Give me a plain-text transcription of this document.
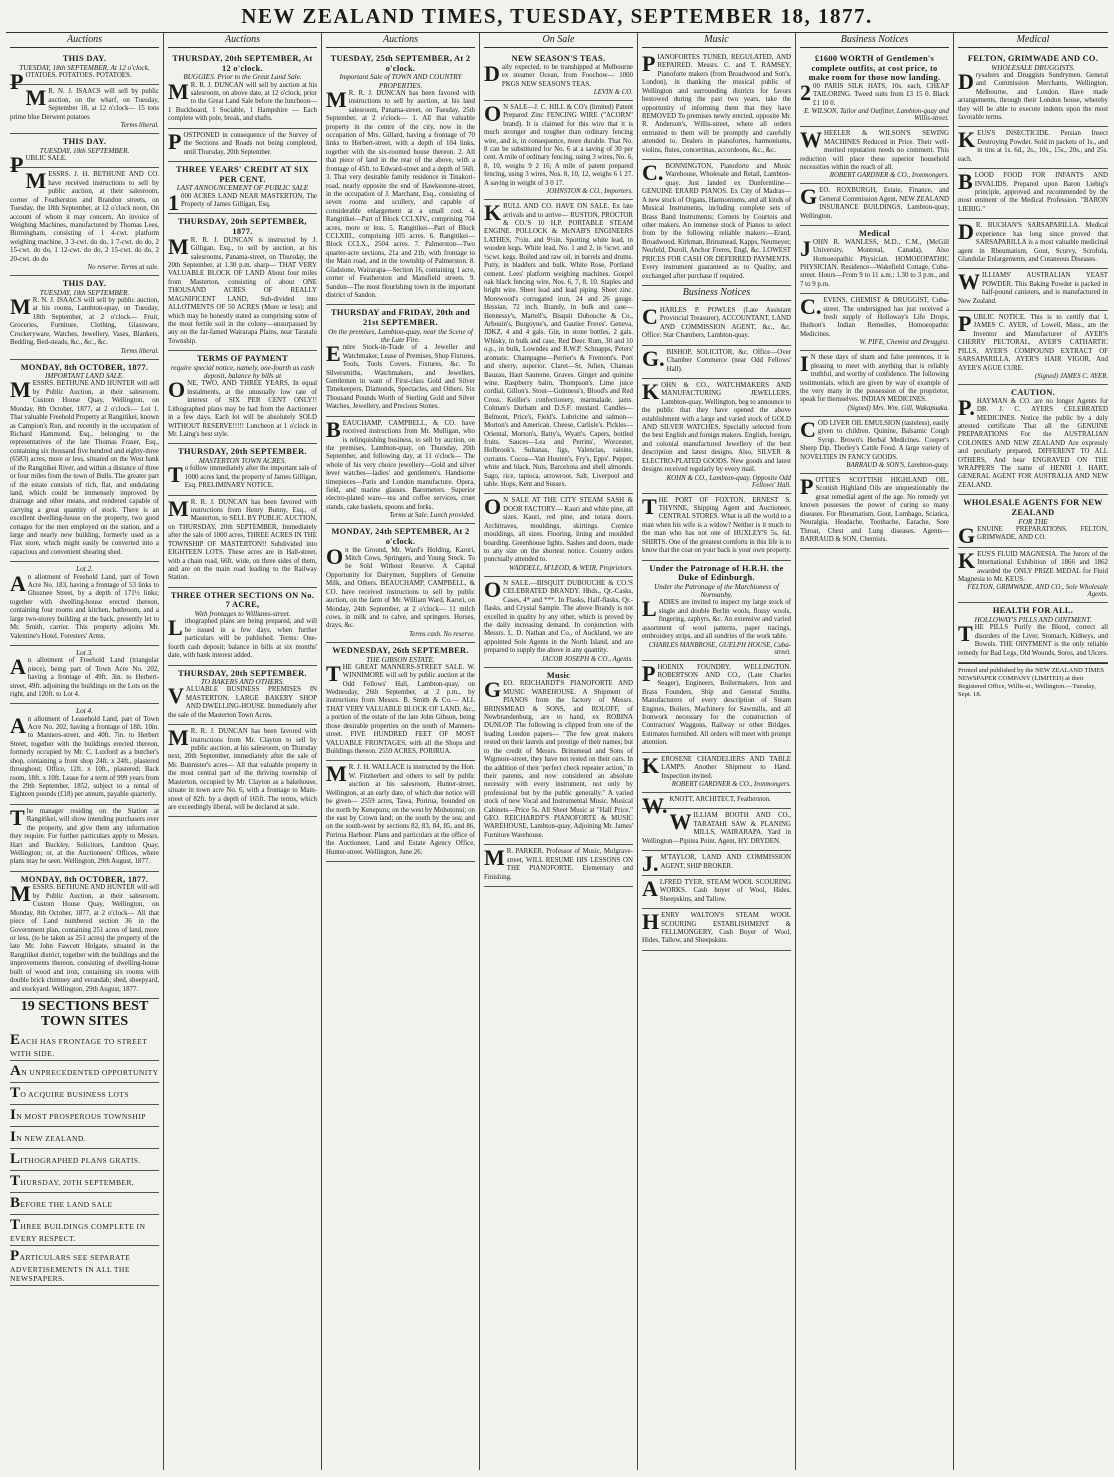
NEW ZEALAND TIMES, TUESDAY, SEPTEMBER 18, 1877.
Auctions
THIS DAY.
TUESDAY, 18th SEPTEMBER, At 12 o'clock.
POTATOES. POTATOES. POTATOES.
MR. N. J. ISAACS will sell by public auction, on the wharf, on Tuesday, September 18, at 12 o'clock— 15 tons prime blue Derwent potatoes
Terms liberal.
THIS DAY.
TUESDAY, 18th SEPTEMBER.
PUBLIC SALE.
MESSRS. J. H. BETHUNE AND CO. have received instructions to sell by public auction, at their salesroom, corner of Featherston and Brandon streets, on Tuesday, the 18th September, at 12 o'clock noon, On account of whom it may concern, An invoice of Weighing Machines, manufactured by Thomas Lees, Birmingham, consisting of 1 4-cwt. platform weighing machine, 3 3-cwt. do do, 1 7-cwt. do do, 2 15-cwt. do do, 1 12-cwt. do do, 2 15-cwt. do do, 2 20-cwt. do do
No reserve. Terms at sale.
THIS DAY.
TUESDAY, 18th SEPTEMBER.
MR. N. J. ISAACS will sell by public auction, at his rooms, Lambton-quay, on Tuesday, 18th September, at 2 o'clock— Fruit, Groceries, Furniture, Clothing, Glassware, Crockeryware, Watches, Jewellery, Vases, Blankets, Bedding, Bed-steads, &c., &c., &c.
Terms liberal.
MONDAY, 8th OCTOBER, 1877.
IMPORTANT LAND SALE.
MESSRS. BETHUNE AND HUNTER will sell by Public Auction, at their salesroom, Custom House Quay, Wellington, on Monday, 8th October, 1877, at 2 o'clock— Lot 1. That valuable Freehold Property at Rangitikei, known as Campion's Run, and recently in the occupation of Richard Hammond, Esq., belonging to the representatives of the late Thomas Fraser, Esq., containing six thousand five hundred and eighty-three (6583) acres, more or less, situated on the West bank of the Rangitikei River, and within a distance of three or four miles from the town of Bulls. The greater part of the estate consists of rich, flat, and undulating land, which could be immensely improved by drainage and other means, and rendered capable of carrying a great quantity of stock. There is an excellent dwelling-house on the property, two good cottages for the men employed on the station, and a large and nearly new building, formerly used as a Flax store, which might easily be converted into a capacious and convenient shearing shed.
Lot 2.
An allotment of Freehold Land, part of Town Acre No. 183, having a frontage of 53 links to Ghuznee Street, by a depth of 171½ links; together with dwelling-house erected thereon, containing four rooms and kitchen, bathroom, and a large two-storey building at the back, presently let to Mr. Smith, carrier. This property adjoins Mr. Valentine's Hotel, Foresters' Arms.
Lot 3.
An allotment of Freehold Land (triangular piece), being part of Town Acre No. 202, having a frontage of 49ft. 3in. to Herbert-street, 49ft. adjoining the buildings on the Lots on the right, and 120ft. to Lot 4.
Lot 4.
An allotment of Leasehold Land, part of Town Acre No. 202, having a frontage of 18ft. 10in. to Manners-street, and 40ft. 7in. to Herbert Street, together with the buildings erected thereon, formerly occupied by Mr. C. Luxford as a butcher's shop, containing a front shop 24ft. x 24ft., plastered throughout; Office, 12ft. x 10ft., plastered; Back room, 18ft. x 10ft. Lease for a term of 999 years from the 29th September, 1852, subject to a rental of Eighteen pounds (£18) per annum, payable quarterly.
The manager residing on the Station at Rangitikei, will show intending purchasers over the property, and give them any information they require. For further particulars apply to Messrs. Hart and Buckley, Solicitors, Lambton Quay, Wellington; or, at the Auctioneers' Offices, where plans may be seen. Wellington, 29th August, 1877.
MONDAY, 8th OCTOBER, 1877.
MESSRS. BETHUNE AND HUNTER will sell by Public Auction, at their salesroom, Custom House Quay, Wellington, on Monday, 8th October, 1877, at 2 o'clock— All that piece of Land numbered section 36 in the Government plan, containing 251 acres of land, more or less, (to be taken as 251 acres) the property of the late Mr. John Fawcett Holgate, situated in the Rangitikei district, together with the buildings and the improvements thereon, consisting of dwelling-house built of wood and iron, containing six rooms with double brick chimney and verandah; shed, sheepyard, and stockyard. Wellington, 29th August, 1877.
19 SECTIONS BEST TOWN SITES
EACH HAS FRONTAGE TO STREET WITH SIDE.
AN UNPRECEDENTED OPPORTUNITY
TO ACQUIRE BUSINESS LOTS
IN MOST PROSPEROUS TOWNSHIP
IN NEW ZEALAND.
LITHOGRAPHED PLANS GRATIS.
THURSDAY, 20TH SEPTEMBER,
BEFORE THE LAND SALE
THREE BUILDINGS COMPLETE IN EVERY RESPECT.
PARTICULARS SEE SEPARATE ADVERTISEMENTS IN ALL THE NEWSPAPERS.
Auctions
THURSDAY, 20th SEPTEMBER, At 12 o'clock.
BUGGIES. Prior to the Great Land Sale.
MR. R. J. DUNCAN will sell by auction at his salesroom, on above date, at 12 o'clock, prior to the Great Land Sale before the luncheon— 1 Buckboard, 1 Sociable, 1 Hampshire — Each complete with pole, break, and shafts.
POSTPONED in consequence of the Survey of the Sections and Roads not being completed, until Thursday, 20th September.
THREE YEARS' CREDIT AT SIX PER CENT.
LAST ANNOUNCEMENT OF PUBLIC SALE
1000 ACRES LAND NEAR MASTERTON, The Property of James Gilligan, Esq.
THURSDAY, 20th SEPTEMBER, 1877.
MR. R. J. DUNCAN is instructed by J. Gilligan, Esq., to sell by auction, at his salesrooms, Panama-street, on Thursday, the 20th September, at 1.30 p.m. sharp— THAT VERY VALUABLE BLOCK OF LAND About four miles from Masterton, consisting of about ONE THOUSAND ACRES OF REALLY MAGNIFICENT LAND, Sub-divided into ALLOTMENTS OF 50 ACRES (More or less); and which may be honestly stated as comprising some of the most fertile soil in the colony—unsurpassed by any on the far-famed Wairarapa Plains, near Taratahi Township.
TERMS OF PAYMENT
require special notice, namely, one-fourth as cash deposit, balance by bills at
ONE, TWO, AND THREE YEARS, In equal instalments, at the unusually low rate of interest of SIX PER CENT ONLY!! Lithographed plans may be had from the Auctioneer in a few days. Each lot will be absolutely SOLD WITHOUT RESERVE!!!!! Luncheon at 1 o'clock in Mr. Laing's best style.
THURSDAY, 20th SEPTEMBER.
MASTERTON TOWN ACRES.
To follow immediately after the important sale of 1000 acres land, the property of James Gilligan, Esq. PRELIMINARY NOTICE.
MR. R. J. DUNCAN has been favored with instructions from Henry Bunny, Esq., of Masterton, to SELL BY PUBLIC AUCTION, on THURSDAY, 20th SEPTEMBER, Immediately after the sale of 1000 acres, THREE ACRES IN THE TOWNSHIP OF MASTERTON!! Subdivided into EIGHTEEN LOTS. These acres are in Hall-street, with a chain road, 66ft. wide, on three sides of them, and are on the main road leading to the Railway Station.
THREE OTHER SECTIONS ON No. 7 ACRE,
With frontages to Williams-street.
Lithographed plans are being prepared, and will be issued in a few days, when further particulars will be published. Terms: One-fourth cash deposit; balance in bills at six months' date, with bank interest added.
THURSDAY, 20th SEPTEMBER.
TO BAKERS AND OTHERS.
VALUABLE BUSINESS PREMISES IN MASTERTON. LARGE BAKERY SHOP AND DWELLING-HOUSE. Immediately after the sale of the Masterton Town Acres.
MR. R. J. DUNCAN has been favored with instructions from Mr. Clayton to sell by public auction, at his salesroom, on Thursday next, 20th September, immediately after the sale of Mr. Bunnister's acres— All that valuable property in the most central part of the thriving township of Masterton, occupied by Mr. Clayton as a bakehouse, situate in town acre No. 6, with a frontage to Main-street of 82ft. by a depth of 165ft. The terms, which are exceedingly liberal, will be declared at sale.
Auctions
TUESDAY, 25th SEPTEMBER, At 2 o'clock.
Important Sale of TOWN AND COUNTRY PROPERTIES.
MR. R. J. DUNCAN has been favored with instructions to sell by auction, at his land salesroom, Panama-street, on Tuesday, 25th September, at 2 o'clock— 1. All that valuable property in the centre of the city, now in the occupation of Mrs. Gillard, having a frontage of 70 links to Herbert-street, with a depth of 104 links, together with the six-roomed house thereon. 2. All that piece of land in the rear of the above, with a frontage of 45ft. to Edward-street and a depth of 56ft. 3. That very desirable family residence in Tinakori-road, nearly opposite the end of Hawkestone-street, in the occupation of J. Marchant, Esq., consisting of seven rooms and scullery, and capable of considerable enlargement at a small cost. 4. Rangitikei—Part of Block CCLXIV., comprising 704 acres, more or less. 5. Rangitikei—Part of Block CCLXIII., comprising 105 acres. 6. Rangitikei—Block CCLX., 2504 acres. 7. Palmerston—Two quarter-acre sections, 21a and 21b, with frontage to the Main road, and in the township of Palmerston. 8. Gladstone, Wairarapa—Section 16, containing 1 acre, corner of Featherston and Mansfield streets. 9. Sandon—The most flourishing town in the important district of Sandon.
THURSDAY and FRIDAY, 20th and 21st SEPTEMBER.
On the premises, Lambton-quay, near the Scene of the Late Fire.
Entire Stock-in-Trade of a Jeweller and Watchmaker, Lease of Premises, Shop Fixtures, Tools, Tools Covers, Fixtures, &c. To Silversmiths, Watchmakers, and Jewellers, Gentlemen in want of First-class Gold and Silver Timekeepers, Diamonds, Spectacles, and Others. Six Thousand Pounds Worth of Sterling Gold and Silver Watches, Jewellery, and Precious Stones.
BEAUCHAMP, CAMPBELL, & CO. have received instructions from Mr. Mulligan, who is relinquishing business, to sell by auction, on the premises, Lambton-quay, on Thursday, 20th September, and following day, at 11 o'clock— The whole of his very choice jewellery—Gold and silver lever watches—ladies' and gentlemen's. Handsome timepieces—Paris and London manufacture. Opera, field, and marine glasses. Barometers. Superior electro-plated ware—tea and coffee services, cruet stands, cake baskets, spoons and forks.
Terms at Sale. Lunch provided.
MONDAY, 24th SEPTEMBER, At 2 o'clock.
On the Ground, Mr. Ward's Holding, Karori, Mitch Cows, Springers, and Young Stock. To be Sold Without Reserve. A Capital Opportunity for Dairymen, Suppliers of Genuine Milk, and Others. BEAUCHAMP, CAMPBELL, & CO. have received instructions to sell by public auction, on the farm of Mr. William Ward, Karori, on Monday, 24th September, at 2 o'clock— 11 milch cows, in milk and to calve, and springers. Horses, drays, &c.
Terms cash. No reserve.
WEDNESDAY, 26th SEPTEMBER.
THE GIBSON ESTATE.
THE GREAT MANNERS-STREET SALE. W. WINNIMORE will sell by public auction at the Odd Fellows' Hall, Lambton-quay, on Wednesday, 26th September, at 2 p.m., by instructions from Messrs. B. Smith & Co.— ALL THAT VERY VALUABLE BLOCK OF LAND, &c., a portion of the estate of the late John Gibson, being those desirable properties on the south of Manners-street. FIVE HUNDRED FEET OF MOST VALUABLE FRONTAGES, with all the Shops and Buildings thereon. 2559 ACRES, PORIRUA.
MR. J. H. WALLACE is instructed by the Hon. W. Fitzherbert and others to sell by public auction at his salesroom, Hunter-street, Wellington, at an early date, of which due notice will be given— 2559 acres, Tawa, Porirua, bounded on the north by Kenepuru; on the west by Mohotonui; on the east by Crown land; on the south by the sea; and on the south-west by sections 82, 83, 84, 85, and 86, Porirua Harbour. Plans and particulars at the office of the Auctioneer, Land and Estate Agency Office, Hunter-street. Wellington, June 26.
On Sale
NEW SEASON'S TEAS.
Daily expected, to be transhipped at Melbourne ex steamer Ocean, from Foochow— 1000 PKGS NEW SEASON'S TEAS.
LEVIN & CO.
ON SALE—J. C. HILL & CO's (limited) Patent Prepared Zinc FENCING WIRE ("ACORN" brand). It is claimed for this wire that it is much stronger and tougher than ordinary fencing wire, and is, in consequence, more durable. That No. 8 can be substituted for No. 6 at a saving of 30 per cent. A mile of ordinary fencing, using 3 wires, No. 6, 8, 10, weighs 9 2 16; A mile of patent prepared fencing, using 3 wires, Nos. 8, 10, 12, weighs 6 1 27. A saving in weight of 3 0 17.
JOHNSTON & CO., Importers.
KRULL AND CO. HAVE ON SALE. Ex late arrivals and to arrive— RUSTON, PROCTOR & CO.'S 10 H.P. PORTABLE STEAM ENGINE. POLLOCK & McNAB'S ENGINEERS LATHES, 7½in. and 9½in. Sporting white lead, in wooden kegs. White lead, No. 1 and 2, in ¼cwt. and ½cwt. kegs. Boiled and raw oil, in barrels and drums. Putty, in bladders and bulk. White Rose, Portland cement. Lees' platform weighing machines. Gospel oak black fencing wire, Nos. 6, 7, 8, 10. Staples and bright wire. Sheet lead and lead piping. Sheet zinc. Morewood's corrugated iron, 24 and 26 gauge. Hessian, 72 inch. Brandy, in bulk and case—Hennessy's, Martell's, Bisquit Dubouche & Co., Arbouin's, Burgoyne's, and Gautier Freres'. Geneva, JDKZ, 4 and 4 gals. Gin, in stone bottles, 2 gals. Whisky, in bulk and case, Red Deer. Rum, 30 and 10 o.p., in bulk, Lowndes and R.W.P. Schnapps, Peters' aromatic. Champagne—Perrier's & Fremont's. Port and sherry, superior. Claret—St. Julien, Chateau Bauzau, Haut Sauterne, Graves. Ginger and quinine wine. Raspberry balm, Thompson's. Lime juice cordial, Gillon's. Stout—Guinness's, Blood's and Red Cross. Keiller's confectionery, marmalade, jams. Colman's Durham and D.S.F. mustard. Candles—Belmont, Price's, Field's. Lubricine and salmon—Morton's and American. Cheese, Carlisle's. Pickles—Oriental, Morton's, Batty's, Wyatt's. Capers, bottled fruits. Sauces—Lea and Perrins', Worcester, Holbrook's. Sultanas, figs, Valencias, raisins, currants. Cocoa—Van Houten's, Fry's, Epps'. Pepper, white and black. Nuts, Barcelona and shell almonds. Sago, rice, tapioca, arrowroot. Salt, Liverpool and table. Hops, Kent and Sussex.
ON SALE AT THE CITY STEAM SASH & DOOR FACTORY— Kauri and white pine, all sizes. Kauri, red pine, and totara doors. Architraves, mouldings, skirtings. Cornice mouldings, all sizes. Flooring, lining and moulded boarding. Greenhouse lights. Sashes and doors, made to any size on the shortest notice. Country orders punctually attended to.
WADDELL, M'LEOD, & WEIR, Proprietors.
ON SALE.—BISQUIT DUBOUCHE & CO.'S CELEBRATED BRANDY. Hhds., Qr.-Casks, Cases, 4* and ***. In Flasks, Half-flasks, Qr.-flasks, and Crystal Sample. The above Brandy is not excelled in quality by any other, which is proved by the daily increasing demand. In conjunction with Messrs. L. D. Nathan and Co., of Auckland, we are appointed Sole Agents in the North Island, and are prepared to supply the above in any quantity.
JACOB JOSEPH & CO., Agents.
Music
GEO. REICHARDT'S PIANOFORTE AND MUSIC WAREHOUSE. A Shipment of PIANOS from the factory of Messrs. BRINSMEAD & SONS, and ROLOFF, of Newbrandenburg, are to hand, ex ROBINA DUNLOP. The following is clipped from one of the leading London papers— "The few great makers rested on their laurels and prestige of their names; but to the credit of Messrs. Brinsmead and Sons of Wigmore-street, they have not rested on their oars. In the addition of their 'perfect check repeater action,' in their patents, and now considered an absolute necessity with every instrument, not only by professional but by the public generally." A varied stock of new Vocal and Instrumental Music. Musical Cabinets—Price 5s. All Sheet Music at "Half Price." GEO. REICHARDT'S PIANOFORTE & MUSIC WAREHOUSE, Lambton-quay, Adjoining Mr. James' Furniture Warehouse.
MR. PARKER, Professor of Music, Mulgrave-street, WILL RESUME HIS LESSONS ON THE PIANOFORTE. Elementary and Finishing.
Music
PIANOFORTES TUNED, REGULATED, AND REPAIRED. Messrs. C. and T. RAMSEY, Pianoforte makers (from Broadwood and Son's, London), in thanking the musical public of Wellington and surrounding districts for favors bestowed during the past two years, take the opportunity of informing them that they have REMOVED To premises newly erected, opposite Mr. R. Anderson's, Willis-street, where all orders entrusted to them will be promptly and carefully attended to. Dealers in pianofortes, harmoniums, violins, flutes, concertinas, accordeons, &c., &c.
C.BONNINGTON, Pianoforte and Music Warehouse, Wholesale and Retail, Lambton-quay. Just landed ex Dunfermline— GENUINE ERARD PIANOS. Ex City of Madras— A new stock of Organs, Harmoniums, and all kinds of Musical Instruments, including complete sets of Brass Band Instruments; Cornets by Courtois and other makers. An immense stock of Pianos to select from by the following reliable makers:—Erard, Broadwood, Kirkman, Brinsmead, Kapps, Neumeyer, Neufeld, Duroll, Anchor Freres, Engl, &c. LOWEST PRICES FOR CASH OR DEFERRED PAYMENTS. Every instrument guaranteed as to Quality, and exchanged after purchase if required.
Business Notices
CHARLES P. POWLES (Late Assistant Provincial Treasurer), ACCOUNTANT, LAND AND COMMISSION AGENT, &c., &c. Office: Star Chambers, Lambton-quay.
G.BISHOP, SOLICITOR, &c. Office—Over Chamber Commerce (near Odd Fellows' Hall).
KOHN & CO., WATCHMAKERS AND MANUFACTURING JEWELLERS, Lambton-quay, Wellington, beg to announce to the public that they have opened the above establishment with a large and varied stock of GOLD AND SILVER WATCHES, Specially selected from the best English and foreign makers. English, foreign, and colonial manufactured Jewellery of the best description and latest designs. Also, SILVER & ELECTRO-PLATED GOODS. New goods and latest designs received regularly by every mail.
KOHN & CO., Lambton-quay, Opposite Odd Fellows' Hall.
THE PORT OF FOXTON. ERNEST S. THYNNE, Shipping Agent and Auctioneer, CENTRAL STORES. What is all the world to a man when his wife is a widow? Neither is it much to the man who has not one of HUXLEY'S 5s. 6d. SHIRTS. One of the greatest comforts in this life is to know that the coat on your back is your own property.
Under the Patronage of H.R.H. the Duke of Edinburgh.
Under the Patronage of the Marchioness of Normanby.
LADIES are invited to inspect my large stock of single and double Berlin wools, flossy wools, fingering, zaphyrs, &c. An extensive and varied assortment of wool patterns, paper tracings, embroidery strips, and all sundries of the work table.
CHARLES MANBROSE, GUELPH HOUSE, Cuba-street.
PHOENIX FOUNDRY, WELLINGTON. ROBERTSON AND CO., (Late Charles Seager), Engineers, Boilermakers, Iron and Brass Founders, Ship and General Smiths. Manufacturers of every description of Steam Engines, Boilers, Machinery for Sawmills, and all Ironwork necessary for the construction of Contractors' Waggons, Railway or other Bridges. Estimates furnished. All orders will meet with prompt attention.
KEROSENE CHANDELIERS AND TABLE LAMPS. Another Shipment to Hand. Inspection invited.
ROBERT GARDNER & CO., Ironmongers.
W.KNOTT, ARCHITECT, Featherston.
WILLIAM BOOTH AND CO., TARATAHI SAW & PLANING MILLS, WAIRARAPA. Yard in Wellington—Pipitea Point. Agent, HY. DRYDEN.
J.M'TAYLOR, LAND AND COMMISSION AGENT, SHIP BROKER.
ALFRED TYER, STEAM WOOL SCOURING WORKS. Cash buyer of Wool, Hides, Sheepskins, and Tallow.
HENRY WALTON'S STEAM WOOL SCOURING ESTABLISHMENT & FELLMONGERY, Cash Buyer of Wool, Hides, Tallow, and Sheepskins.
Business Notices
£1600 WORTH of Gentlemen's complete outfits, at cost price, to make room for those now landing.
200 PARIS SILK HATS, 10s. each, CHEAP TAILORING. Tweed suits from £3 15 0. Black £1 10 0.
E. WILSON, Tailor and Outfitter, Lambton-quay and Willis-street.
WHEELER & WILSON'S SEWING MACHINES Reduced in Price. Their well-merited reputation needs no comment. This reduction will place these superior household necessities within the reach of all.
ROBERT GARDNER & CO., Ironmongers.
GEO. ROXBURGH, Estate, Finance, and General Commission Agent, NEW ZEALAND INSURANCE BUILDINGS, Lambton-quay, Wellington.
Medical
JOHN R. WANLESS, M.D., C.M., (McGill University, Montreal, Canada), Also Homoeopathic Physician. HOMOEOPATHIC PHYSICIAN. Residence—Wakefield Cottage, Cuba-street. Hours—From 9 to 11 a.m.; 1.30 to 3 p.m., and 7 to 9 p.m.
C.EVENS, CHEMIST & DRUGGIST, Cuba-street. The undersigned has just received a fresh supply of Holloway's Life Drops, Hudson's Indian Remedies, Homoeopathic Medicines.
W. PIFE, Chemist and Druggist.
IN these days of sham and false pretences, it is pleasing to meet with anything that is reliably truthful, and worthy of confidence. The following testimonials, which are given by way of example of the very many in the possession of the proprietor, speak for themselves. INDIAN MEDICINES.
(Signed) Mrs. Wm. Gill, Wakapuaka.
COD LIVER OIL EMULSION (tasteless), easily given to children. Quinine, Balsamic Cough Syrup. Brown's Herbal Medicines. Cooper's Sheep Dip. Thorley's Cattle Food. A large variety of NOVELTIES IN FANCY GOODS.
BARRAUD & SON'S, Lambton-quay.
POTTIE'S SCOTTISH HIGHLAND OIL. Scottish Highland Oils are unquestionably the great remedial agent of the age. No remedy yet known possesses the power of curing so many diseases. For Rheumatism, Gout, Lumbago, Sciatica, Neuralgia, Headache, Toothache, Earache, Sore Throat, Chest and Lung diseases. Agents—BARRAUD & SON, Chemists.
Medical
FELTON, GRIMWADE AND CO.
WHOLESALE DRUGGISTS.
Drysalters and Druggists Sundrymen. General and Commission Merchants, Wellington, Melbourne, and London. Have made arrangements, through their London house, whereby they will be able to execute indents upon the most favorable terms.
KEUS'S INSECTICIDE. Persian Insect Destroying Powder. Sold in packets of 1s., and in tins at 1s. 6d., 2s., 10s., 15s., 20s., and 25s. each.
BLOOD FOOD FOR INFANTS AND INVALIDS. Prepared upon Baron Liebig's principle, approved and recommended by the most eminent of the Medical Profession. "BARON LIEBIG."
DR. BUCHAN'S SARSAPARILLA. Medical experience has long since proved that SARSAPARILLA is a most valuable medicinal agent in Rheumatism, Gout, Scurvy, Scrofula, Glandular Enlargements, and Cutaneous Diseases.
WILLIAMS' AUSTRALIAN YEAST POWDER. This Baking Powder is packed in half-pound canisters, and is manufactured in New Zealand.
PUBLIC NOTICE. This is to certify that I, JAMES C. AYER, of Lowell, Mass., am the Inventor and Manufacturer of AYER'S CHERRY PECTORAL, AYER'S CATHARTIC PILLS, AYER'S COMPOUND EXTRACT OF SARSAPARILLA, AYER'S HAIR VIGOR, And AYER'S AGUE CURE.
(Signed) JAMES C. AYER.
CAUTION.
P.HAYMAN & CO. are no longer Agents for DR. J. C. AYERS CELEBRATED MEDICINES. Notice the public by a duly attested certificate That all the GENUINE PREPARATIONS For the AUSTRALIAN COLONIES AND NEW ZEALAND Are expressly and peculiarly prepared, DIFFERENT TO ALL OTHERS, And bear ENGRAVED ON THE WRAPPERS The name of HENRI J. HART, GENERAL AGENT FOR AUSTRALIA AND NEW ZEALAND.
WHOLESALE AGENTS FOR NEW ZEALAND
FOR THE
GENUINE PREPARATIONS. FELTON, GRIMWADE, AND CO.
KEUS'S FLUID MAGNESIA. The Jurors of the International Exhibition of 1866 and 1862 awarded the ONLY PRIZE MEDAL for Fluid Magnesia to Mr. KEUS.
FELTON, GRIMWADE, AND CO., Sole Wholesale Agents.
HEALTH FOR ALL.
HOLLOWAY'S PILLS AND OINTMENT.
THE PILLS Purify the Blood, correct all disorders of the Liver, Stomach, Kidneys, and Bowels. THE OINTMENT is the only reliable remedy for Bad Legs, Old Wounds, Sores, and Ulcers.
Printed and published by the NEW ZEALAND TIMES NEWSPAPER COMPANY (LIMITED) at their Registered Office, Willis-st., Wellington.—Tuesday, Sept. 18.
